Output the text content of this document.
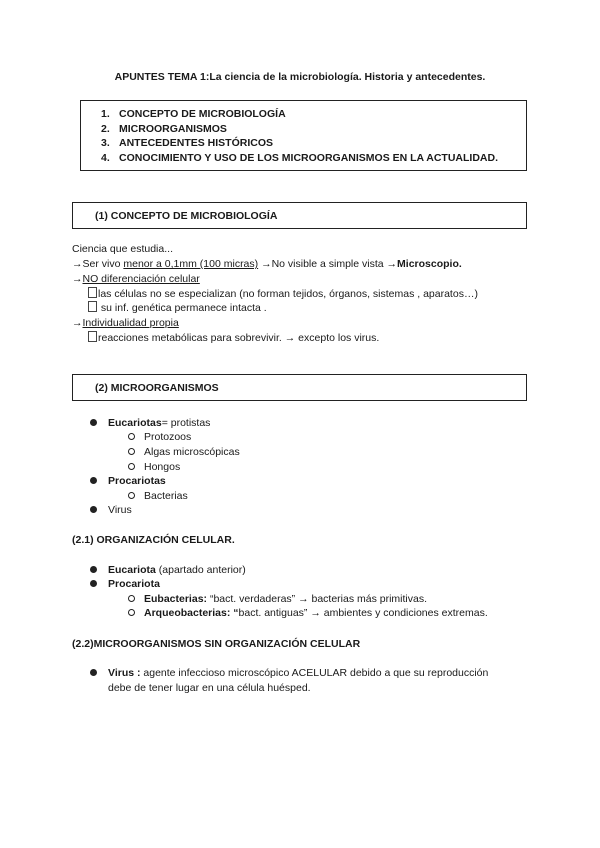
APUNTES TEMA 1:La ciencia de la microbiología. Historia y antecedentes.
1. CONCEPTO DE MICROBIOLOGÍA
2. MICROORGANISMOS
3. ANTECEDENTES HISTÓRICOS
4. CONOCIMIENTO Y USO DE LOS MICROORGANISMOS EN LA ACTUALIDAD.
(1) CONCEPTO DE MICROBIOLOGÍA
Ciencia que estudia...
→Ser vivo menor a 0,1mm (100 micras) →No visible a simple vista →Microscopio.
→NO diferenciación celular
las células no se especializan (no forman tejidos, órganos, sistemas , aparatos…)
su inf. genética permanece intacta .
→Individualidad propia
reacciones metabólicas para sobrevivir. → excepto los virus.
(2) MICROORGANISMOS
Eucariotas= protistas
Protozoos
Algas microscópicas
Hongos
Procariotas
Bacterias
Virus
(2.1) ORGANIZACIÓN CELULAR.
Eucariota (apartado anterior)
Procariota
Eubacterias: “bact. verdaderas” → bacterias más primitivas.
Arqueobacterias: “bact. antiguas” → ambientes y condiciones extremas.
(2.2)MICROORGANISMOS SIN ORGANIZACIÓN CELULAR
Virus : agente infeccioso microscópico ACELULAR debido a que su reproducción
debe de tener lugar en una célula huésped.
